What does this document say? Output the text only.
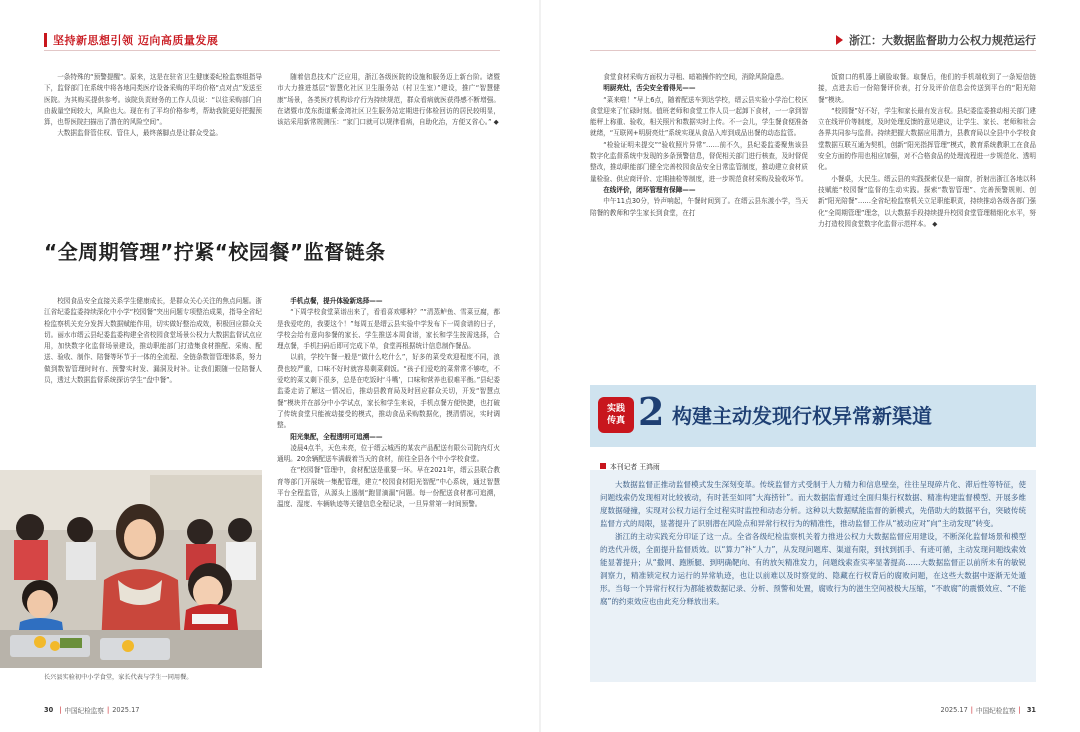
坚持新思想引领 迈向高质量发展	浙江：大数据监督助力公权力规范运行

一条特殊的“预警提醒”。原来，这是在驻省卫生健康委纪检监察组指导下，监督部门在系统中将各地同类医疗设备采购的平均价格“点对点”发送至医院。为其购买提供参考。该院负责财务的工作人员说：“以往采购部门自由裁量空间较大，风险也大。现在有了平均价格参考，帮助我院更好把握预算，也帮医院扫描出了潜在的风险空间”。

大数据监督管住权、管住人，最终落脚点是让群众受益。

随着信息技术广泛应用，浙江各级医院的设施和服务迈上新台阶。诸暨市大力推进基层“智慧化社区卫生服务站（村卫生室）”建设，推广“智慧健康”场景，各类医疗机构诊疗行为持续规范，群众看病就医获得感不断增强。在诸暨市茂东街道紫金湾社区卫生服务站定期进行体检回访的居民较明显，该站采用新常规测压：“家门口就可以规律看病，自助化治，方便又省心。” ◆

“全周期管理”拧紧“校园餐”监督链条

校园食品安全直接关系学生健康成长，是群众关心关注的焦点问题。浙江省纪委监委持续深化中小学“校园餐”突出问题专项整治成果，指导全省纪检监察机关充分发挥大数据赋能作用，切实做好整治成效，积极回应群众关切。丽水市缙云县纪委监委构建全省校园食堂场景公权力大数据监督试点应用，加快数字化监督场景建设，推动职能部门打造集食材推配、采购、配送、验收、制作、陪餐等环节于一体的全流程、全链条数智管理体系，努力做到数智管理时时有、预警实时发、漏洞及时补。让我们跟随一位陪餐人员，透过大数据监督系统探访学生“盘中餐”。

手机点餐，提升体验新选择——

“下周学校食堂菜谱出来了，看看喜欢哪种？”“清蒸鲈鱼、雪菜豆腐，都是我爱吃的，我要这个！”每周五是缙云县实验中学发布下一周食谱的日子，学校会给有意向参餐的家长、学生推送本周食谱，家长和学生按需选择，合理点餐，手机扫码后即可完成下单，食堂再根据统计信息制作餐品。

以前，学校午餐一般是“做什么吃什么”，好多的菜受欢迎程度不同，浪费也较严重，口味不好时就容易剩菜剩饭。“孩子们爱吃的菜常常不够吃，不爱吃的菜又剩下很多，总是在吃饭时‘斗嘴’，口味和营养也很难平衡。”县纪委监委走访了解这一情况后，推动县教育局及时回应群众关切，开发“智慧点餐”模块并在部分中小学试点，家长和学生来说，手机点餐方便快捷，也打破了传统食堂只能被动接受的模式，推动食品采购数据化，摸清情况，实时调整。

阳光集配，全程透明可追溯——

凌晨4点半，天色未亮，位于缙云城西的某农产品配送有限公司院内灯火通明。20余辆配送车满载着当天的食材，前往全县各个中小学校食堂。

在“校园餐”管理中，食材配送是重要一环。早在2021年，缙云县联合教育等部门开展统一集配管理，建立“校园食材阳光智配”中心系统，通过智慧平台全程监管，从源头上遏制“跑冒滴漏”问题。每一份配送食材都可追溯，温度、湿度、车辆轨迹等关键信息全程记录，一旦异常第一时间预警。

长兴县实验初中小学食堂，家长代表与学生一同用餐。

食堂食材采购方面权力寻租、暗箱操作的空间，消除风险隐患。

明厨亮灶，舌尖安全看得见——

“菜来啦！”早上6点，随着配送车到达学校，缙云县实验小学治仁校区食堂迎来了忙碌时刻。值班老师和食堂工作人员一起卸下食材，一一拿到智能秤上称重、验收，相关照片和数据实时上传。不一会儿，学生餐食便准备就绪，“互联网+明厨亮灶”系统实现从食品入库到成品出餐的动态监管。

“检验证明未提交”“验收照片异常”……前不久，县纪委监委聚焦该县数字化监督系统中发现的多条预警信息，督促相关部门进行核查，及时督促整改，推动职能部门健全完善校园食品安全日常监管制度，推动建立食材质量检验、供应商评价、定期抽检等制度，进一步规范食材采购及验收环节。

在线评价，闭环管理有保障——

中午11点30分，铃声响起，午餐时间到了。在缙云县东渡小学，当天陪餐的教师和学生家长到食堂，在打

饭窗口的机器上刷脸取餐。取餐后，他们的手机端收到了一条短信链接，点进去后一份陪餐评价表，打分及评价信息会传送到平台的“阳光陪餐”模块。

“校园餐”好不好，学生和家长最有发言权。县纪委监委推动相关部门建立在线评价等制度，及时处理反馈的意见建议，让学生、家长、老师和社会各界共同参与监督。持续把握大数据应用潜力，县教育局以全县中小学校食堂数据互联互通为契机，创新“阳光指挥管理”模式，教育系统教职工在食品安全方面的作用也相应加强，对不合格食品的处理流程进一步规范化、透明化。

小餐桌，大民生。缙云县的实践探索仅是一扇窗，折射出浙江各地以科技赋能“校园餐”监督的生动实践。探索“数智管理”、完善预警规则、创新“阳光陪餐”……全省纪检监察机关立足职能职责，持续推动各级各部门强化“全周期管理”理念，以大数据手段持续提升校园食堂管理精细化水平，努力打造校园食堂数字化监督示范样本。 ◆

实践
传真 2 构建主动发现行权异常新渠道
本刊记者 王鸿雨

大数据监督正推动监督模式发生深刻变革。传统监督方式受制于人力精力和信息壁垒，往往呈现碎片化、滞后性等特征，使问题线索仍发现相对比较被动，有时甚至如同“大海捞针”。而大数据监督通过全面归集行权数据、精准构建监督模型、开展多维度数据碰撞，实现对公权力运行全过程实时监控和动态分析。这种以大数据赋能监督的新模式，先借助大的数据平台，突破传统监督方式的局限，显著提升了识别潜在风险点和异常行权行为的精准性，推动监督工作从“被动应对”向“主动发现”转变。

浙江的主动实践充分印证了这一点。全省各级纪检监察机关着力推进公权力大数据监督应用建设，不断深化监督场景和模型的迭代升级，全面提升监督质效。以“算力”补“人力”，从发现问题库、渠道有限，到找到抓手、有迹可循，主动发现问题线索效能显著提升；从“撒网、跑断腿、到明确靶向、有的放矢精准发力，问题线索查实率显著提高……大数据监督正以前所未有的敏锐洞察力，精准锁定权力运行的异常轨迹，也让以前难以及时察觉的、隐藏在行权背后的腐败问题，在这些大数据中逐渐无处遁形。当每一个异常行权行为都能被数据记录、分析、预警和处置，腐败行为的滋生空间被极大压缩，“不敢腐”的震慑效应、“不能腐”的约束效应也由此充分释放出来。

30 | 中国纪检监察 | 2025.17	2025.17 | 中国纪检监察 | 31
